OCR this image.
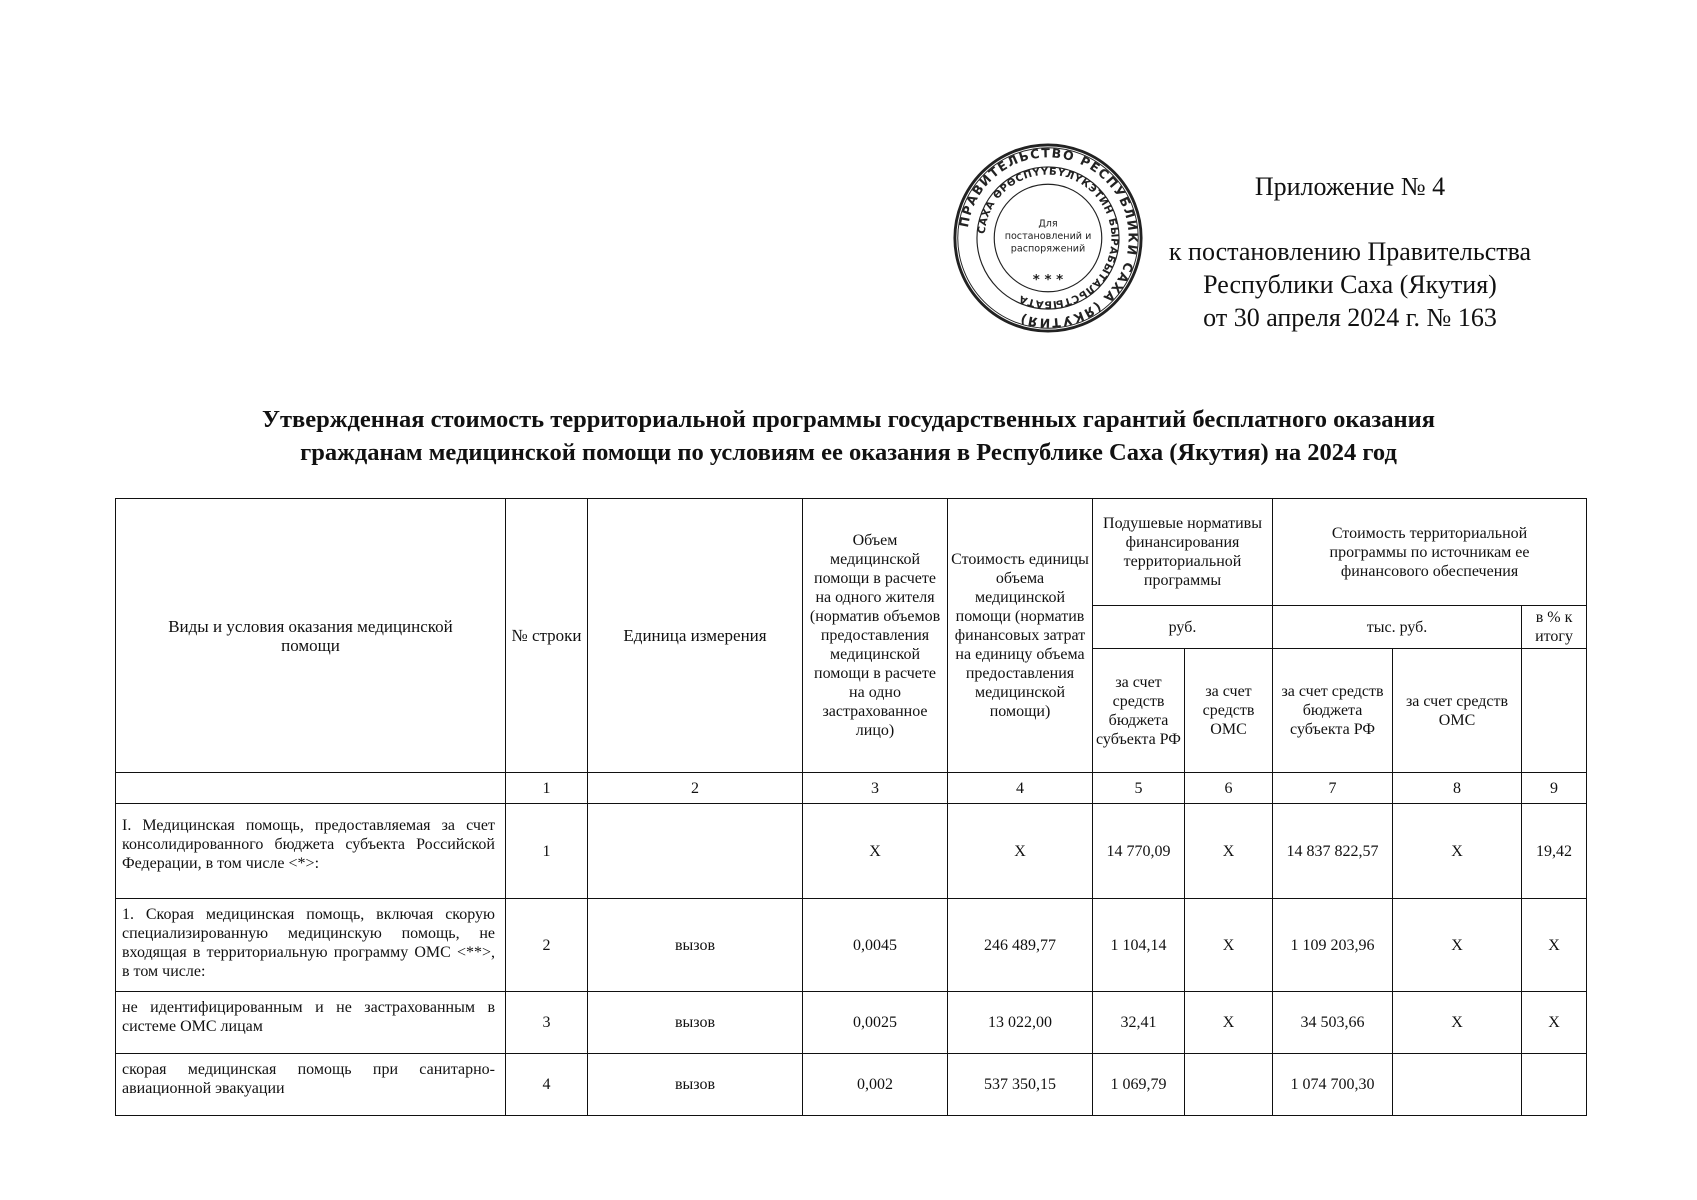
ПРАВИТЕЛЬСТВО РЕСПУБЛИКИ САХА (ЯКУТИЯ)
САХА ӨРӨСПҮҮБҮЛҮКЭТИН БЫРАБЫТАЛЬСТЫБАТА
Для
постановлений и
распоряжений
* * *
Приложение № 4
к постановлению Правительства
Республики Саха (Якутия)
от 30 апреля 2024 г. № 163
Утвержденная стоимость территориальной программы государственных гарантий бесплатного оказания
гражданам медицинской помощи по условиям ее оказания в Республике Саха (Якутия) на 2024 год
Виды и условия оказания медицинской помощи	№ строки	Единица измерения	Объем медицинской помощи в расчете на одного жителя (норматив объемов предоставления медицинской помощи в расчете на одно застрахованное лицо)	Стоимость единицы объема медицинской помощи (норматив финансовых затрат на единицу объема предоставления медицинской помощи)	Подушевые нормативы финансирования территориальной программы		Стоимость территориальной программы по источникам ее финансового обеспечения		
					руб.		тыс. руб.		в % к итогу
					за счет средств бюджета субъекта РФ	за счет средств ОМС	за счет средств бюджета субъекта РФ	за счет средств ОМС	
	1	2	3	4	5	6	7	8	9
I. Медицинская помощь, предоставляемая за счет консолидированного бюджета субъекта Российской Федерации, в том числе <*>:	1		X	X	14 770,09	X	14 837 822,57	X	19,42
1. Скорая медицинская помощь, включая скорую специализированную медицинскую помощь, не входящая в территориальную программу ОМС <**>, в том числе:	2	вызов	0,0045	246 489,77	1 104,14	X	1 109 203,96	X	X
не идентифицированным и не застрахованным в системе ОМС лицам	3	вызов	0,0025	13 022,00	32,41	X	34 503,66	X	X
скорая медицинская помощь при санитарно-авиационной эвакуации	4	вызов	0,002	537 350,15	1 069,79		1 074 700,30		
